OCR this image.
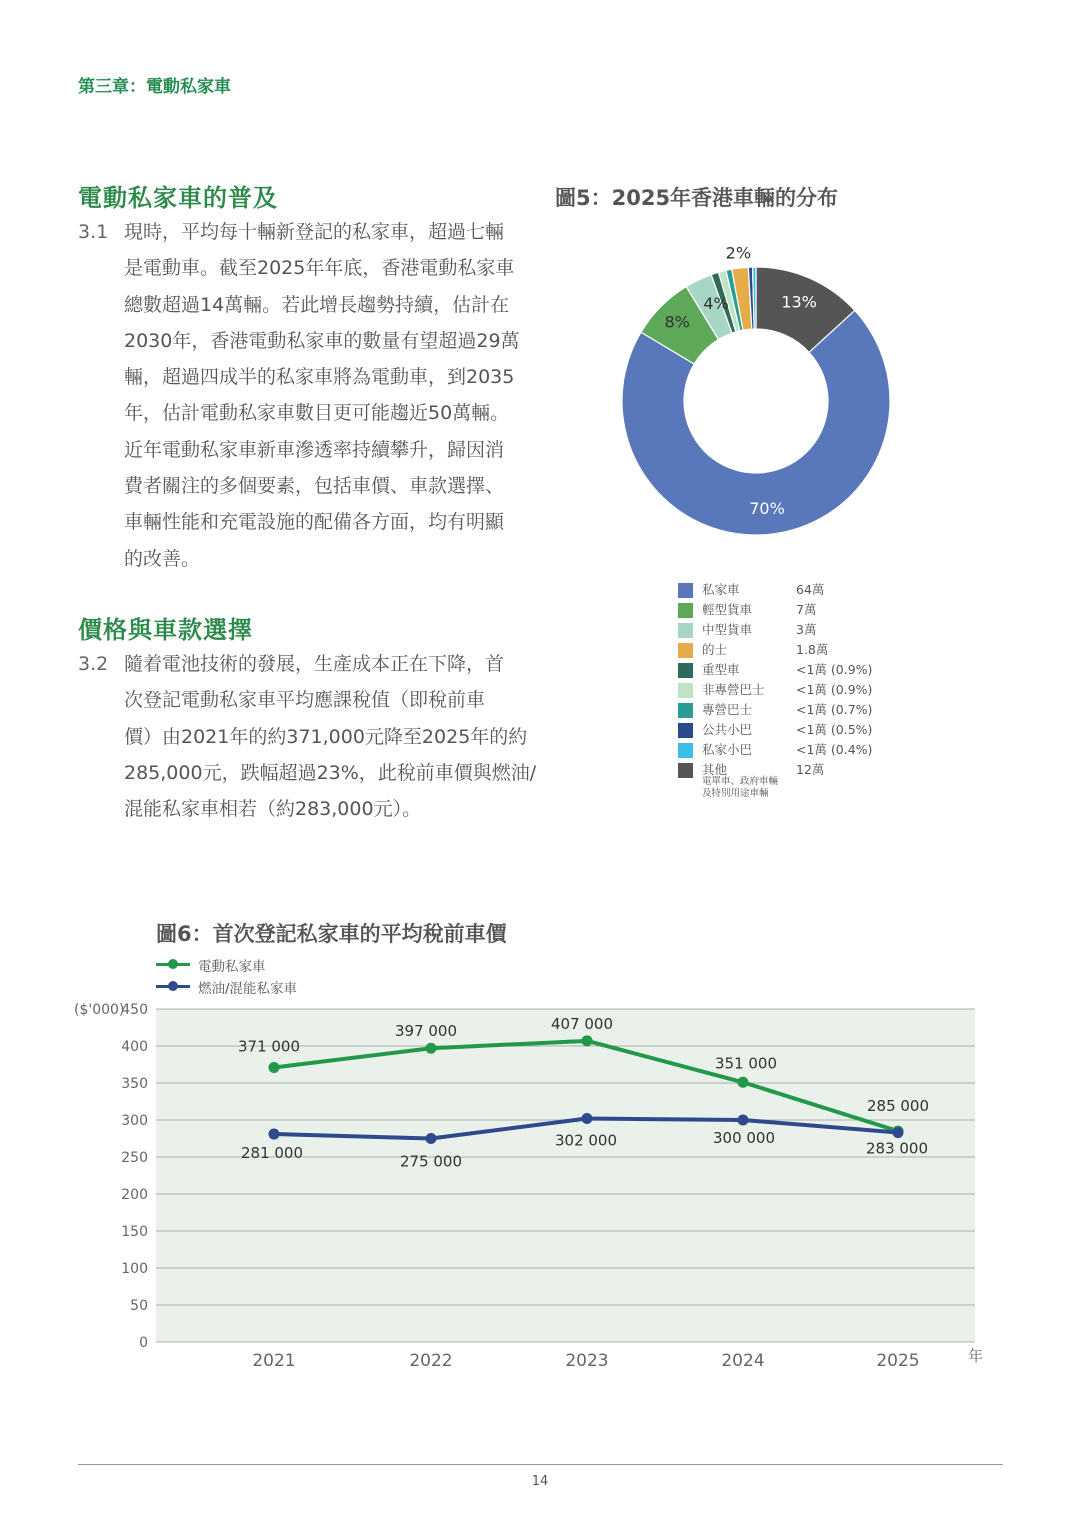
第三章：電動私家車
電動私家車的普及
3.1 現時，平均每十輛新登記的私家車，超過七輛
是電動車。截至2025年年底，香港電動私家車
總數超過14萬輛。若此增長趨勢持續，估計在
2030年，香港電動私家車的數量有望超過29萬
輛，超過四成半的私家車將為電動車，到2035
年，估計電動私家車數目更可能趨近50萬輛。
近年電動私家車新車滲透率持續攀升，歸因消
費者關注的多個要素，包括車價、車款選擇、
車輛性能和充電設施的配備各方面，均有明顯
的改善。
價格與車款選擇
3.2 隨着電池技術的發展，生產成本正在下降，首
次登記電動私家車平均應課稅值（即稅前車
價）由2021年的約371,000元降至2025年的約
285,000元，跌幅超過23%，此稅前車價與燃油/
混能私家車相若（約283,000元）。
圖5：2025年香港車輛的分布
70%
13%
8%
4%
2%
私家車	64萬
輕型貨車	7萬
中型貨車	3萬
的士	1.8萬
重型車	<1萬 (0.9%)
非專營巴士	<1萬 (0.9%)
專營巴士	<1萬 (0.7%)
公共小巴	<1萬 (0.5%)
私家小巴	<1萬 (0.4%)
其他	12萬
電單車、政府車輛
及特別用途車輛
圖6：首次登記私家車的平均稅前車價
電動私家車
燃油/混能私家車
0
50
100
150
200
250
300
350
400
450
($'000)
2021	2022	2023	2024	2025	年
371 000
397 000	407 000
351 000
285 000
281 000	275 000
302 000	300 000
283 000
14
